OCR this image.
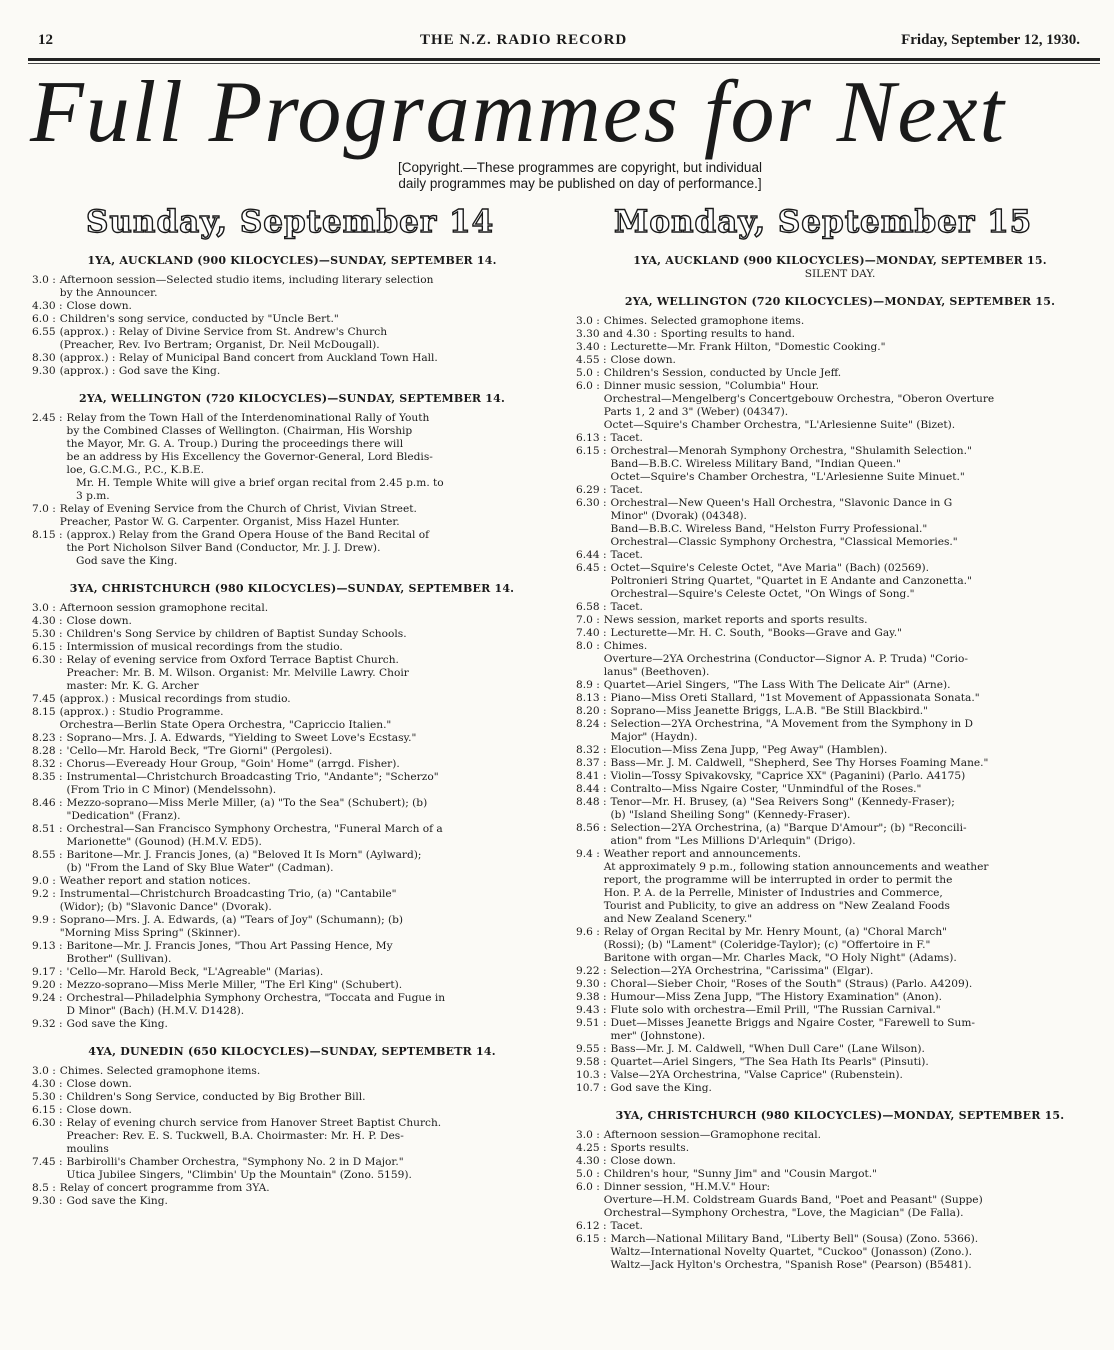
12	THE N.Z. RADIO RECORD	Friday, September 12, 1930.
Full Programmes for Next
[Copyright.—These programmes are copyright, but individual
daily programmes may be published on day of performance.]
Sunday, September 14	Monday, September 15
1YA, AUCKLAND (900 KILOCYCLES)—SUNDAY, SEPTEMBER 14.
3.0 : Afternoon session—Selected studio items, including literary selection
by the Announcer.
4.30 : Close down.
6.0 : Children's song service, conducted by "Uncle Bert."
6.55 (approx.) : Relay of Divine Service from St. Andrew's Church
(Preacher, Rev. Ivo Bertram; Organist, Dr. Neil McDougall).
8.30 (approx.) : Relay of Municipal Band concert from Auckland Town Hall.
9.30 (approx.) : God save the King.
2YA, WELLINGTON (720 KILOCYCLES)—SUNDAY, SEPTEMBER 14.
2.45 : Relay from the Town Hall of the Interdenominational Rally of Youth
by the Combined Classes of Wellington. (Chairman, His Worship
the Mayor, Mr. G. A. Troup.) During the proceedings there will
be an address by His Excellency the Governor-General, Lord Bledis-
loe, G.C.M.G., P.C., K.B.E.
Mr. H. Temple White will give a brief organ recital from 2.45 p.m. to
3 p.m.
7.0 : Relay of Evening Service from the Church of Christ, Vivian Street.
Preacher, Pastor W. G. Carpenter. Organist, Miss Hazel Hunter.
8.15 : (approx.) Relay from the Grand Opera House of the Band Recital of
the Port Nicholson Silver Band (Conductor, Mr. J. J. Drew).
God save the King.
3YA, CHRISTCHURCH (980 KILOCYCLES)—SUNDAY, SEPTEMBER 14.
3.0 : Afternoon session gramophone recital.
4.30 : Close down.
5.30 : Children's Song Service by children of Baptist Sunday Schools.
6.15 : Intermission of musical recordings from the studio.
6.30 : Relay of evening service from Oxford Terrace Baptist Church.
Preacher: Mr. B. M. Wilson. Organist: Mr. Melville Lawry. Choir
master: Mr. K. G. Archer
7.45 (approx.) : Musical recordings from studio.
8.15 (approx.) : Studio Programme.
Orchestra—Berlin State Opera Orchestra, "Capriccio Italien."
8.23 : Soprano—Mrs. J. A. Edwards, "Yielding to Sweet Love's Ecstasy."
8.28 : 'Cello—Mr. Harold Beck, "Tre Giorni" (Pergolesi).
8.32 : Chorus—Eveready Hour Group, "Goin' Home" (arrgd. Fisher).
8.35 : Instrumental—Christchurch Broadcasting Trio, "Andante"; "Scherzo"
(From Trio in C Minor) (Mendelssohn).
8.46 : Mezzo-soprano—Miss Merle Miller, (a) "To the Sea" (Schubert); (b)
"Dedication" (Franz).
8.51 : Orchestral—San Francisco Symphony Orchestra, "Funeral March of a
Marionette" (Gounod) (H.M.V. ED5).
8.55 : Baritone—Mr. J. Francis Jones, (a) "Beloved It Is Morn" (Aylward);
(b) "From the Land of Sky Blue Water" (Cadman).
9.0 : Weather report and station notices.
9.2 : Instrumental—Christchurch Broadcasting Trio, (a) "Cantabile"
(Widor); (b) "Slavonic Dance" (Dvorak).
9.9 : Soprano—Mrs. J. A. Edwards, (a) "Tears of Joy" (Schumann); (b)
"Morning Miss Spring" (Skinner).
9.13 : Baritone—Mr. J. Francis Jones, "Thou Art Passing Hence, My
Brother" (Sullivan).
9.17 : 'Cello—Mr. Harold Beck, "L'Agreable" (Marias).
9.20 : Mezzo-soprano—Miss Merle Miller, "The Erl King" (Schubert).
9.24 : Orchestral—Philadelphia Symphony Orchestra, "Toccata and Fugue in
D Minor" (Bach) (H.M.V. D1428).
9.32 : God save the King.
4YA, DUNEDIN (650 KILOCYCLES)—SUNDAY, SEPTEMBETR 14.
3.0 : Chimes. Selected gramophone items.
4.30 : Close down.
5.30 : Children's Song Service, conducted by Big Brother Bill.
6.15 : Close down.
6.30 : Relay of evening church service from Hanover Street Baptist Church.
Preacher: Rev. E. S. Tuckwell, B.A. Choirmaster: Mr. H. P. Des-
moulins
7.45 : Barbirolli's Chamber Orchestra, "Symphony No. 2 in D Major."
Utica Jubilee Singers, "Climbin' Up the Mountain" (Zono. 5159).
8.5 : Relay of concert programme from 3YA.
9.30 : God save the King.
1YA, AUCKLAND (900 KILOCYCLES)—MONDAY, SEPTEMBER 15.
SILENT DAY.
2YA, WELLINGTON (720 KILOCYCLES)—MONDAY, SEPTEMBER 15.
3.0 : Chimes. Selected gramophone items.
3.30 and 4.30 : Sporting results to hand.
3.40 : Lecturette—Mr. Frank Hilton, "Domestic Cooking."
4.55 : Close down.
5.0 : Children's Session, conducted by Uncle Jeff.
6.0 : Dinner music session, "Columbia" Hour.
Orchestral—Mengelberg's Concertgebouw Orchestra, "Oberon Overture
Parts 1, 2 and 3" (Weber) (04347).
Octet—Squire's Chamber Orchestra, "L'Arlesienne Suite" (Bizet).
6.13 : Tacet.
6.15 : Orchestral—Menorah Symphony Orchestra, "Shulamith Selection."
Band—B.B.C. Wireless Military Band, "Indian Queen."
Octet—Squire's Chamber Orchestra, "L'Arlesienne Suite Minuet."
6.29 : Tacet.
6.30 : Orchestral—New Queen's Hall Orchestra, "Slavonic Dance in G
Minor" (Dvorak) (04348).
Band—B.B.C. Wireless Band, "Helston Furry Professional."
Orchestral—Classic Symphony Orchestra, "Classical Memories."
6.44 : Tacet.
6.45 : Octet—Squire's Celeste Octet, "Ave Maria" (Bach) (02569).
Poltronieri String Quartet, "Quartet in E Andante and Canzonetta."
Orchestral—Squire's Celeste Octet, "On Wings of Song."
6.58 : Tacet.
7.0 : News session, market reports and sports results.
7.40 : Lecturette—Mr. H. C. South, "Books—Grave and Gay."
8.0 : Chimes.
Overture—2YA Orchestrina (Conductor—Signor A. P. Truda) "Corio-
lanus" (Beethoven).
8.9 : Quartet—Ariel Singers, "The Lass With The Delicate Air" (Arne).
8.13 : Piano—Miss Oreti Stallard, "1st Movement of Appassionata Sonata."
8.20 : Soprano—Miss Jeanette Briggs, L.A.B. "Be Still Blackbird."
8.24 : Selection—2YA Orchestrina, "A Movement from the Symphony in D
Major" (Haydn).
8.32 : Elocution—Miss Zena Jupp, "Peg Away" (Hamblen).
8.37 : Bass—Mr. J. M. Caldwell, "Shepherd, See Thy Horses Foaming Mane."
8.41 : Violin—Tossy Spivakovsky, "Caprice XX" (Paganini) (Parlo. A4175)
8.44 : Contralto—Miss Ngaire Coster, "Unmindful of the Roses."
8.48 : Tenor—Mr. H. Brusey, (a) "Sea Reivers Song" (Kennedy-Fraser);
(b) "Island Sheiling Song" (Kennedy-Fraser).
8.56 : Selection—2YA Orchestrina, (a) "Barque D'Amour"; (b) "Reconcili-
ation" from "Les Millions D'Arlequin" (Drigo).
9.4 : Weather report and announcements.
At approximately 9 p.m., following station announcements and weather
report, the programme will be interrupted in order to permit the
Hon. P. A. de la Perrelle, Minister of Industries and Commerce,
Tourist and Publicity, to give an address on "New Zealand Foods
and New Zealand Scenery."
9.6 : Relay of Organ Recital by Mr. Henry Mount, (a) "Choral March"
(Rossi); (b) "Lament" (Coleridge-Taylor); (c) "Offertoire in F."
Baritone with organ—Mr. Charles Mack, "O Holy Night" (Adams).
9.22 : Selection—2YA Orchestrina, "Carissima" (Elgar).
9.30 : Choral—Sieber Choir, "Roses of the South" (Straus) (Parlo. A4209).
9.38 : Humour—Miss Zena Jupp, "The History Examination" (Anon).
9.43 : Flute solo with orchestra—Emil Prill, "The Russian Carnival."
9.51 : Duet—Misses Jeanette Briggs and Ngaire Coster, "Farewell to Sum-
mer" (Johnstone).
9.55 : Bass—Mr. J. M. Caldwell, "When Dull Care" (Lane Wilson).
9.58 : Quartet—Ariel Singers, "The Sea Hath Its Pearls" (Pinsuti).
10.3 : Valse—2YA Orchestrina, "Valse Caprice" (Rubenstein).
10.7 : God save the King.
3YA, CHRISTCHURCH (980 KILOCYCLES)—MONDAY, SEPTEMBER 15.
3.0 : Afternoon session—Gramophone recital.
4.25 : Sports results.
4.30 : Close down.
5.0 : Children's hour, "Sunny Jim" and "Cousin Margot."
6.0 : Dinner session, "H.M.V." Hour:
Overture—H.M. Coldstream Guards Band, "Poet and Peasant" (Suppe)
Orchestral—Symphony Orchestra, "Love, the Magician" (De Falla).
6.12 : Tacet.
6.15 : March—National Military Band, "Liberty Bell" (Sousa) (Zono. 5366).
Waltz—International Novelty Quartet, "Cuckoo" (Jonasson) (Zono.).
Waltz—Jack Hylton's Orchestra, "Spanish Rose" (Pearson) (B5481).
